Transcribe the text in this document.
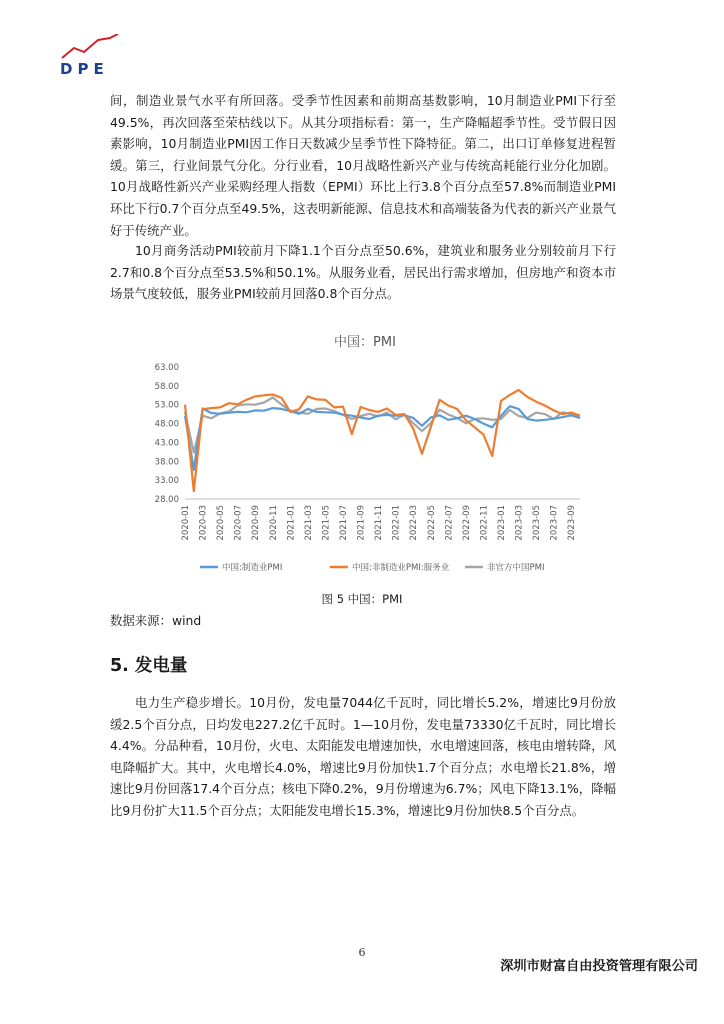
DPE

间，制造业景气水平有所回落。受季节性因素和前期高基数影响，10月制造业PMI下行至49.5%，再次回落至荣枯线以下。从其分项指标看：第一，生产降幅超季节性。受节假日因素影响，10月制造业PMI因工作日天数减少呈季节性下降特征。第二，出口订单修复进程暂缓。第三，行业间景气分化。分行业看，10月战略性新兴产业与传统高耗能行业分化加剧。10月战略性新兴产业采购经理人指数（EPMI）环比上行3.8个百分点至57.8%而制造业PMI环比下行0.7个百分点至49.5%，这表明新能源、信息技术和高端装备为代表的新兴产业景气好于传统产业。

10月商务活动PMI较前月下降1.1个百分点至50.6%，建筑业和服务业分别较前月下行2.7和0.8个百分点至53.5%和50.1%。从服务业看，居民出行需求增加，但房地产和资本市场景气度较低，服务业PMI较前月回落0.8个百分点。

中国：PMI
28.00
33.00
38.00
43.00
48.00
53.00
58.00
63.00
2020-01 2020-03 2020-05 2020-07 2020-09 2020-11 2021-01 2021-03 2021-05 2021-07 2021-09 2021-11 2022-01 2022-03 2022-05 2022-07 2022-09 2022-11 2023-01 2023-03 2023-05 2023-07 2023-09
中国:制造业PMI	中国:非制造业PMI:服务业	非官方中国PMI
图 5 中国：PMI
数据来源：wind
5. 发电量

电力生产稳步增长。10月份，发电量7044亿千瓦时，同比增长5.2%，增速比9月份放缓2.5个百分点，日均发电227.2亿千瓦时。1—10月份，发电量73330亿千瓦时，同比增长4.4%。分品种看，10月份，火电、太阳能发电增速加快，水电增速回落，核电由增转降，风电降幅扩大。其中，火电增长4.0%，增速比9月份加快1.7个百分点；水电增长21.8%，增速比9月份回落17.4个百分点；核电下降0.2%，9月份增速为6.7%；风电下降13.1%，降幅比9月份扩大11.5个百分点；太阳能发电增长15.3%，增速比9月份加快8.5个百分点。

6
深圳市财富自由投资管理有限公司
